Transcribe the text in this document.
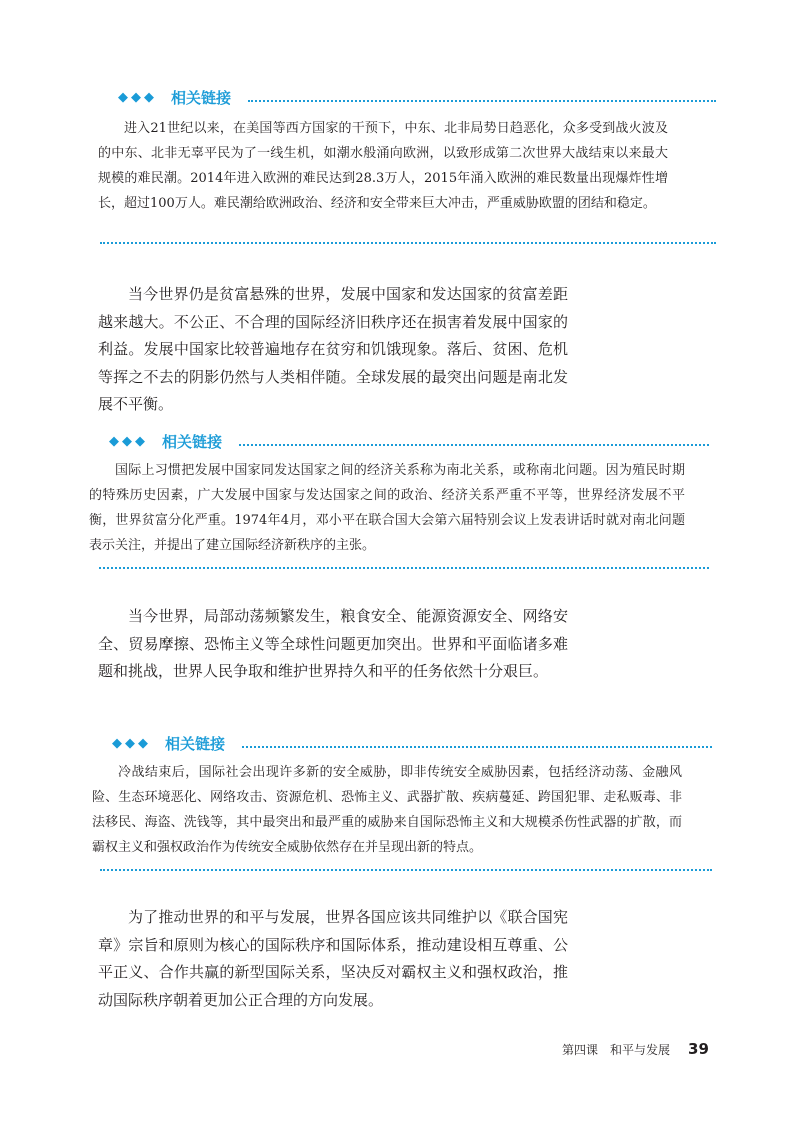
◆◆◆ 相关链接
进入21世纪以来，在美国等西方国家的干预下，中东、北非局势日趋恶化，众多受到战火波及的中东、北非无辜平民为了一线生机，如潮水般涌向欧洲，以致形成第二次世界大战结束以来最大规模的难民潮。2014年进入欧洲的难民达到28.3万人，2015年涌入欧洲的难民数量出现爆炸性增长，超过100万人。难民潮给欧洲政治、经济和安全带来巨大冲击，严重威胁欧盟的团结和稳定。
当今世界仍是贫富悬殊的世界，发展中国家和发达国家的贫富差距越来越大。不公正、不合理的国际经济旧秩序还在损害着发展中国家的利益。发展中国家比较普遍地存在贫穷和饥饿现象。落后、贫困、危机等挥之不去的阴影仍然与人类相伴随。全球发展的最突出问题是南北发展不平衡。
◆◆◆ 相关链接
国际上习惯把发展中国家同发达国家之间的经济关系称为南北关系，或称南北问题。因为殖民时期的特殊历史因素，广大发展中国家与发达国家之间的政治、经济关系严重不平等，世界经济发展不平衡，世界贫富分化严重。1974年4月，邓小平在联合国大会第六届特别会议上发表讲话时就对南北问题表示关注，并提出了建立国际经济新秩序的主张。
当今世界，局部动荡频繁发生，粮食安全、能源资源安全、网络安全、贸易摩擦、恐怖主义等全球性问题更加突出。世界和平面临诸多难题和挑战，世界人民争取和维护世界持久和平的任务依然十分艰巨。
◆◆◆ 相关链接
冷战结束后，国际社会出现许多新的安全威胁，即非传统安全威胁因素，包括经济动荡、金融风险、生态环境恶化、网络攻击、资源危机、恐怖主义、武器扩散、疾病蔓延、跨国犯罪、走私贩毒、非法移民、海盗、洗钱等，其中最突出和最严重的威胁来自国际恐怖主义和大规模杀伤性武器的扩散，而霸权主义和强权政治作为传统安全威胁依然存在并呈现出新的特点。
为了推动世界的和平与发展，世界各国应该共同维护以《联合国宪章》宗旨和原则为核心的国际秩序和国际体系，推动建设相互尊重、公平正义、合作共赢的新型国际关系，坚决反对霸权主义和强权政治，推动国际秩序朝着更加公正合理的方向发展。
第四课　和平与发展 39
